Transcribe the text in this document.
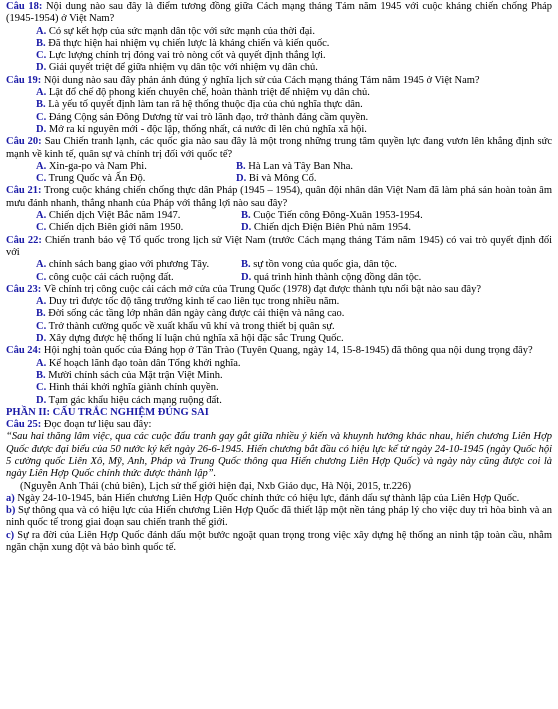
Câu 18: Nội dung nào sau đây là điểm tương đồng giữa Cách mạng tháng Tám năm 1945 với cuộc kháng chiến chống Pháp (1945-1954) ở Việt Nam?
A. Có sự kết hợp của sức mạnh dân tộc với sức mạnh của thời đại.
B. Đã thực hiện hai nhiệm vụ chiến lược là kháng chiến và kiến quốc.
C. Lực lượng chính trị đóng vai trò nòng cốt và quyết định thắng lợi.
D. Giải quyết triệt để giữa nhiệm vụ dân tộc với nhiệm vụ dân chủ.
Câu 19: Nội dung nào sau đây phản ánh đúng ý nghĩa lịch sử của Cách mạng tháng Tám năm 1945 ở Việt Nam?
A. Lật đổ chế độ phong kiến chuyên chế, hoàn thành triệt để nhiệm vụ dân chủ.
B. Là yếu tố quyết định làm tan rã hệ thống thuộc địa của chủ nghĩa thực dân.
C. Đảng Cộng sản Đông Dương từ vai trò lãnh đạo, trở thành đảng cầm quyền.
D. Mở ra kỉ nguyên mới - độc lập, thống nhất, cả nước đi lên chủ nghĩa xã hội.
Câu 20: Sau Chiến tranh lạnh, các quốc gia nào sau đây là một trong những trung tâm quyền lực đang vươn lên khẳng định sức mạnh về kinh tế, quân sự và chính trị đối với quốc tế?
A. Xin-ga-po và Nam Phi.	B. Hà Lan và Tây Ban Nha.
C. Trung Quốc và Ấn Độ.	D. Bỉ và Mông Cổ.
Câu 21: Trong cuộc kháng chiến chống thực dân Pháp (1945 – 1954), quân đội nhân dân Việt Nam đã làm phá sản hoàn toàn âm mưu đánh nhanh, thắng nhanh của Pháp với thắng lợi nào sau đây?
A. Chiến dịch Việt Bắc năm 1947.	B. Cuộc Tiến công Đông-Xuân 1953-1954.
C. Chiến dịch Biên giới năm 1950.	D. Chiến dịch Điện Biên Phủ năm 1954.
Câu 22: Chiến tranh bảo vệ Tổ quốc trong lịch sử Việt Nam (trước Cách mạng tháng Tám năm 1945) có vai trò quyết định đối với
A. chính sách bang giao với phương Tây.	B. sự tồn vong của quốc gia, dân tộc.
C. công cuộc cải cách ruộng đất.	D. quá trình hình thành cộng đồng dân tộc.
Câu 23: Về chính trị công cuộc cải cách mở cửa của Trung Quốc (1978) đạt được thành tựu nổi bật nào sau đây?
A. Duy trì được tốc độ tăng trưởng kinh tế cao liên tục trong nhiều năm.
B. Đời sống các tầng lớp nhân dân ngày càng được cải thiện và nâng cao.
C. Trở thành cường quốc về xuất khẩu vũ khí và trong thiết bị quân sự.
D. Xây dựng được hệ thống lí luận chủ nghĩa xã hội đặc sắc Trung Quốc.
Câu 24: Hội nghị toàn quốc của Đảng họp ở Tân Trào (Tuyên Quang, ngày 14, 15-8-1945) đã thông qua nội dung trọng đây?
A. Kế hoạch lãnh đạo toàn dân Tổng khởi nghĩa.
B. Mười chính sách của Mặt trận Việt Minh.
C. Hình thái khởi nghĩa giành chính quyền.
D. Tạm gác khẩu hiệu cách mạng ruộng đất.
PHẦN II: CẤU TRẮC NGHIỆM ĐÚNG SAI
Câu 25: Đọc đoạn tư liệu sau đây:
“Sau hai thăng lâm việc, qua các cuộc đấu tranh gay gắt giữa nhiều ý kiến và khuynh hướng khác nhau, hiến chương Liên Hợp Quốc được đại biểu của 50 nước ký kết ngày 26-6-1945. Hiến chương bắt đầu có hiệu lực kể từ ngày 24-10-1945 (ngày Quốc hội 5 cường quốc Liên Xô, Mỹ, Anh, Pháp và Trung Quốc thông qua Hiến chương Liên Hợp Quốc) và ngày này cũng được coi là ngày Liên Hợp Quốc chính thức được thành lập”.
(Nguyễn Anh Thái (chủ biên), Lịch sử thế giới hiện đại, Nxb Giáo dục, Hà Nội, 2015, tr.226)
a) Ngày 24-10-1945, bản Hiến chương Liên Hợp Quốc chính thức có hiệu lực, đánh dấu sự thành lập của Liên Hợp Quốc.
b) Sự thông qua và có hiệu lực của Hiến chương Liên Hợp Quốc đã thiết lập một nền tảng pháp lý cho việc duy trì hòa bình và an ninh quốc tế trong giai đoạn sau chiến tranh thế giới.
c) Sự ra đời của Liên Hợp Quốc đánh dấu một bước ngoặt quan trọng trong việc xây dựng hệ thống an ninh tập toàn cầu, nhằm ngăn chặn xung đột và bảo bình quốc tế.
